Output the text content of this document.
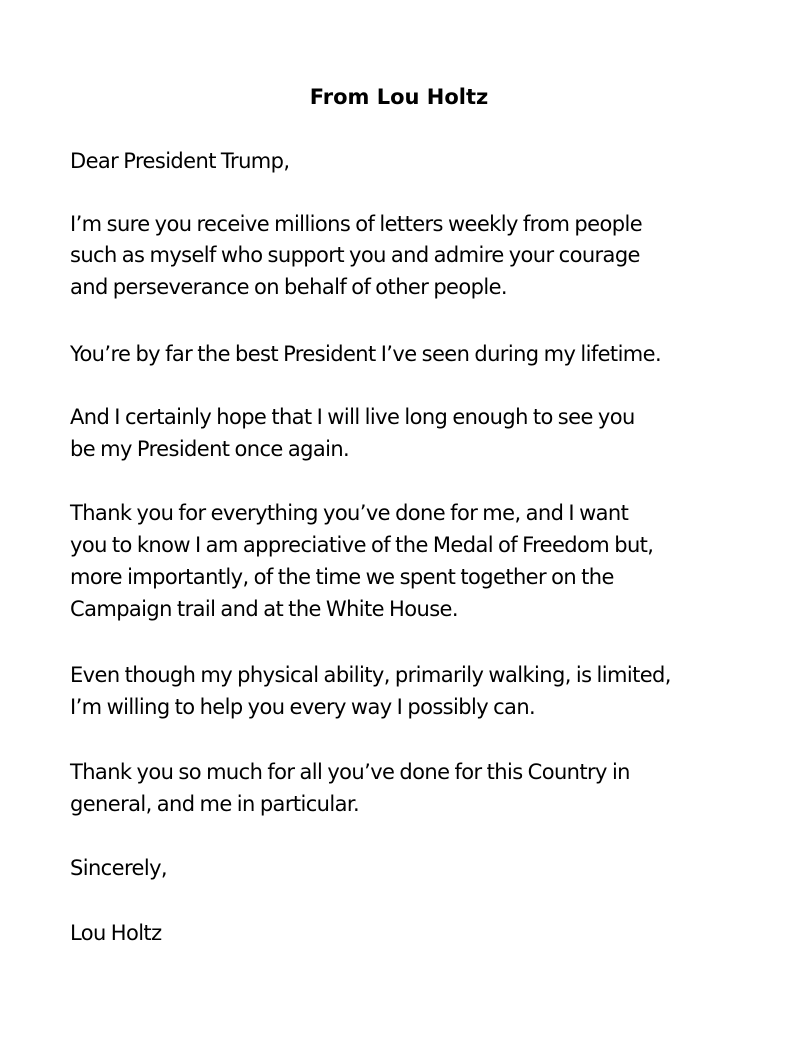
From Lou Holtz
Dear President Trump,
I’m sure you receive millions of letters weekly from people
such as myself who support you and admire your courage
and perseverance on behalf of other people.
You’re by far the best President I’ve seen during my lifetime.
And I certainly hope that I will live long enough to see you
be my President once again.
Thank you for everything you’ve done for me, and I want
you to know I am appreciative of the Medal of Freedom but,
more importantly, of the time we spent together on the
Campaign trail and at the White House.
Even though my physical ability, primarily walking, is limited,
I’m willing to help you every way I possibly can.
Thank you so much for all you’ve done for this Country in
general, and me in particular.
Sincerely,
Lou Holtz
